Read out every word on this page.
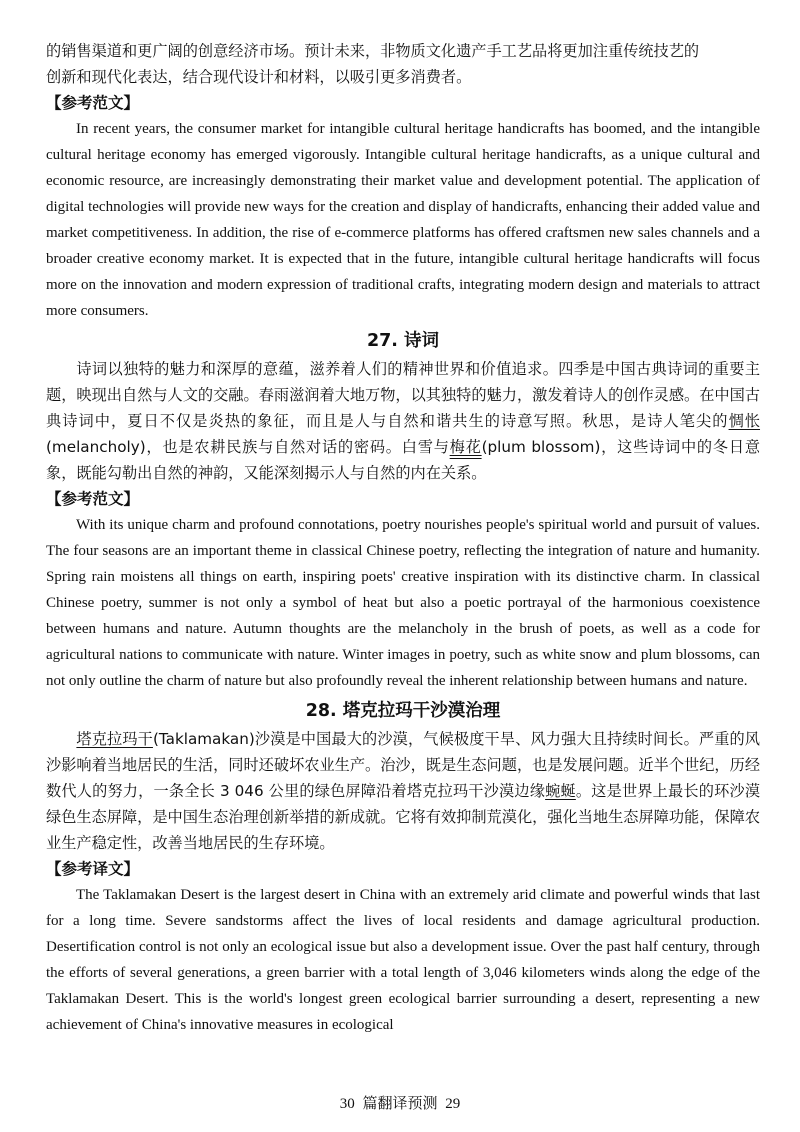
的销售渠道和更广阔的创意经济市场。预计未来，非物质文化遗产手工艺品将更加注重传统技艺的
创新和现代化表达，结合现代设计和材料，以吸引更多消费者。

【参考范文】

In recent years, the consumer market for intangible cultural heritage handicrafts has boomed, and the intangible cultural heritage economy has emerged vigorously. Intangible cultural heritage handicrafts, as a unique cultural and economic resource, are increasingly demonstrating their market value and development potential. The application of digital technologies will provide new ways for the creation and display of handicrafts, enhancing their added value and market competitiveness. In addition, the rise of e-commerce platforms has offered craftsmen new sales channels and a broader creative economy market. It is expected that in the future, intangible cultural heritage handicrafts will focus more on the innovation and modern expression of traditional crafts, integrating modern design and materials to attract more consumers.

27. 诗词

诗词以独特的魅力和深厚的意蕴，滋养着人们的精神世界和价值追求。四季是中国古典诗词的重要主题，映现出自然与人文的交融。春雨滋润着大地万物，以其独特的魅力，激发着诗人的创作灵感。在中国古典诗词中，夏日不仅是炎热的象征，而且是人与自然和谐共生的诗意写照。秋思，是诗人笔尖的惆怅(melancholy)，也是农耕民族与自然对话的密码。白雪与梅花(plum blossom)，这些诗词中的冬日意象，既能勾勒出自然的神韵，又能深刻揭示人与自然的内在关系。

【参考范文】

With its unique charm and profound connotations, poetry nourishes people's spiritual world and pursuit of values. The four seasons are an important theme in classical Chinese poetry, reflecting the integration of nature and humanity. Spring rain moistens all things on earth, inspiring poets' creative inspiration with its distinctive charm. In classical Chinese poetry, summer is not only a symbol of heat but also a poetic portrayal of the harmonious coexistence between humans and nature. Autumn thoughts are the melancholy in the brush of poets, as well as a code for agricultural nations to communicate with nature. Winter images in poetry, such as white snow and plum blossoms, can not only outline the charm of nature but also profoundly reveal the inherent relationship between humans and nature.

28. 塔克拉玛干沙漠治理

塔克拉玛干(Taklamakan)沙漠是中国最大的沙漠，气候极度干旱、风力强大且持续时间长。严重的风沙影响着当地居民的生活，同时还破坏农业生产。治沙，既是生态问题，也是发展问题。近半个世纪，历经数代人的努力，一条全长 3 046 公里的绿色屏障沿着塔克拉玛干沙漠边缘蜿蜒。这是世界上最长的环沙漠绿色生态屏障，是中国生态治理创新举措的新成就。它将有效抑制荒漠化，强化当地生态屏障功能，保障农业生产稳定性，改善当地居民的生存环境。

【参考译文】

The Taklamakan Desert is the largest desert in China with an extremely arid climate and powerful winds that last for a long time. Severe sandstorms affect the lives of local residents and damage agricultural production. Desertification control is not only an ecological issue but also a development issue. Over the past half century, through the efforts of several generations, a green barrier with a total length of 3,046 kilometers winds along the edge of the Taklamakan Desert. This is the world's longest green ecological barrier surrounding a desert, representing a new achievement of China's innovative measures in ecological

30 篇翻译预测 29
